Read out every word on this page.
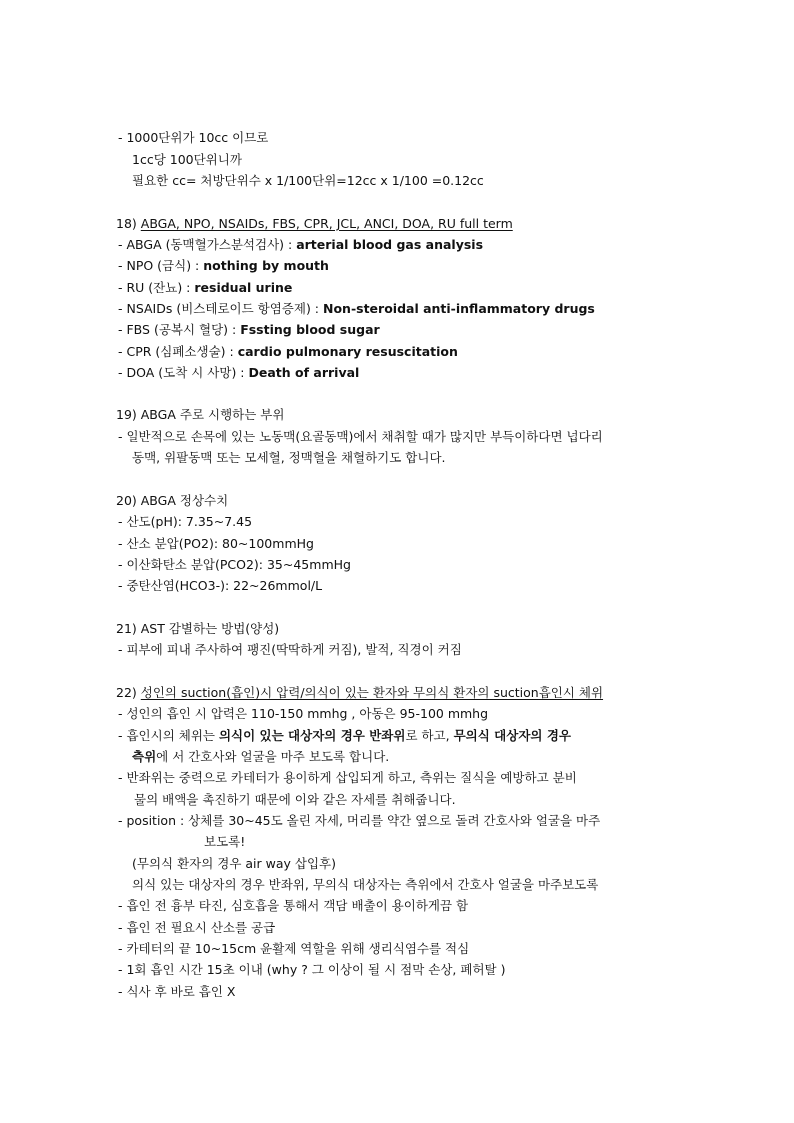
- 1000단위가 10cc 이므로
1cc당 100단위니까
필요한 cc= 처방단위수 x 1/100단위=12cc x 1/100 =0.12cc
18) ABGA, NPO, NSAIDs, FBS, CPR, JCL, ANCI, DOA, RU full term
- ABGA (동맥혈가스분석검사) : arterial blood gas analysis
- NPO (금식) : nothing by mouth
- RU (잔뇨) : residual urine
- NSAIDs (비스테로이드 항염증제) : Non-steroidal anti-inflammatory drugs
- FBS (공복시 혈당) : Fssting blood sugar
- CPR (심폐소생술) : cardio pulmonary resuscitation
- DOA (도착 시 사망) : Death of arrival
19) ABGA 주로 시행하는 부위
- 일반적으로 손목에 있는 노동맥(요골동맥)에서 채취할 때가 많지만 부득이하다면 넙다리
동맥, 위팔동맥 또는 모세혈, 정맥혈을 채혈하기도 합니다.
20) ABGA 정상수치
- 산도(pH): 7.35~7.45
- 산소 분압(PO2): 80~100mmHg
- 이산화탄소 분압(PCO2): 35~45mmHg
- 중탄산염(HCO3-): 22~26mmol/L
21) AST 감별하는 방법(양성)
- 피부에 피내 주사하여 팽진(딱딱하게 커짐), 발적, 직경이 커짐
22) 성인의 suction(흡인)시 압력/의식이 있는 환자와 무의식 환자의 suction흡인시 체위
- 성인의 흡인 시 압력은 110-150 mmhg , 아동은 95-100 mmhg
- 흡인시의 체위는 의식이 있는 대상자의 경우 반좌위로 하고, 무의식 대상자의 경우
측위에 서 간호사와 얼굴을 마주 보도록 합니다.
- 반좌위는 중력으로 카테터가 용이하게 삽입되게 하고, 측위는 질식을 예방하고 분비
물의 배액을 촉진하기 때문에 이와 같은 자세를 취해줍니다.
- position : 상체를 30~45도 올린 자세, 머리를 약간 옆으로 돌려 간호사와 얼굴을 마주
보도록!
(무의식 환자의 경우 air way 삽입후)
의식 있는 대상자의 경우 반좌위, 무의식 대상자는 측위에서 간호사 얼굴을 마주보도록
- 흡인 전 흉부 타진, 심호흡을 통해서 객담 배출이 용이하게끔 함
- 흡인 전 필요시 산소를 공급
- 카테터의 끝 10~15cm 윤활제 역할을 위해 생리식염수를 적심
- 1회 흡인 시간 15초 이내 (why ? 그 이상이 될 시 점막 손상, 폐허탈 )
- 식사 후 바로 흡인 X
